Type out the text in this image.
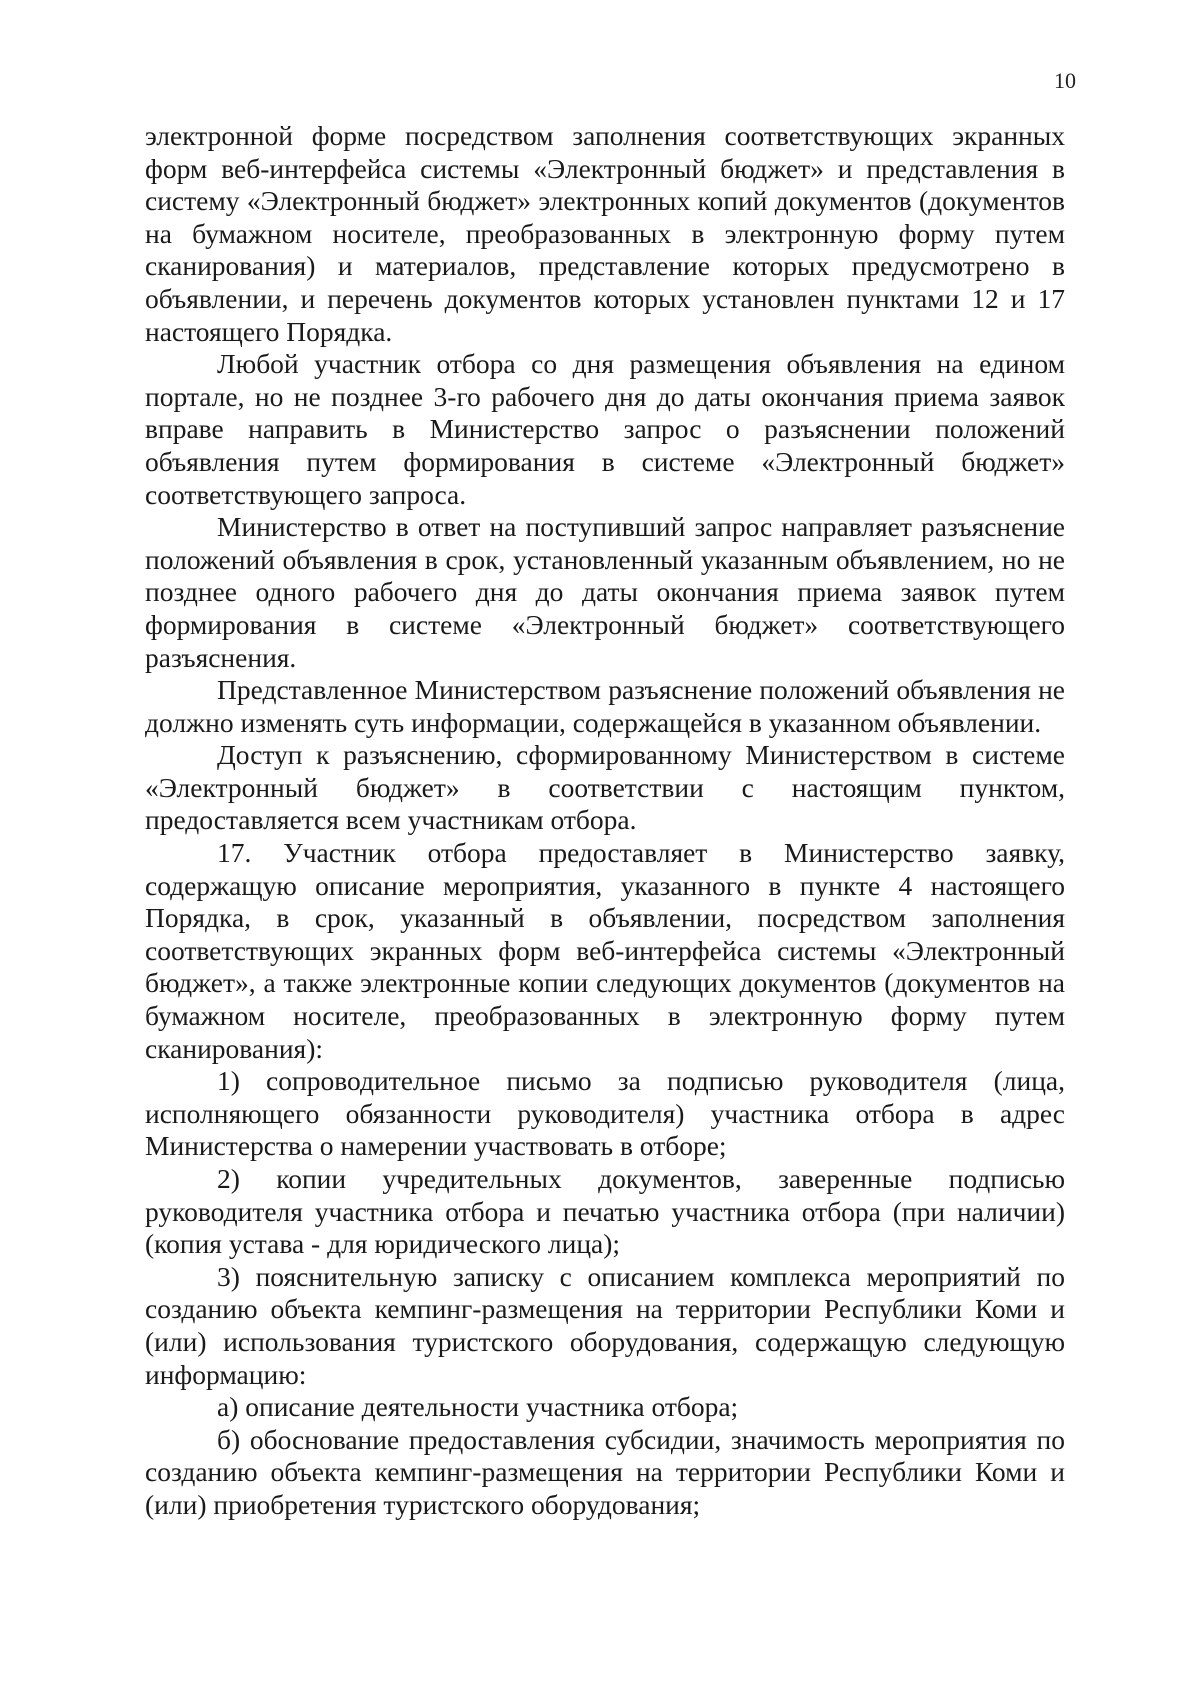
10

электронной форме посредством заполнения соответствующих экранных форм веб-интерфейса системы «Электронный бюджет» и представления в систему «Электронный бюджет» электронных копий документов (документов на бумажном носителе, преобразованных в электронную форму путем сканирования) и материалов, представление которых предусмотрено в объявлении, и перечень документов которых установлен пунктами 12 и 17 настоящего Порядка.

Любой участник отбора со дня размещения объявления на едином портале, но не позднее 3-го рабочего дня до даты окончания приема заявок вправе направить в Министерство запрос о разъяснении положений объявления путем формирования в системе «Электронный бюджет» соответствующего запроса.

Министерство в ответ на поступивший запрос направляет разъяснение положений объявления в срок, установленный указанным объявлением, но не позднее одного рабочего дня до даты окончания приема заявок путем формирования в системе «Электронный бюджет» соответствующего разъяснения.

Представленное Министерством разъяснение положений объявления не должно изменять суть информации, содержащейся в указанном объявлении.

Доступ к разъяснению, сформированному Министерством в системе «Электронный бюджет» в соответствии с настоящим пунктом, предоставляется всем участникам отбора.

17. Участник отбора предоставляет в Министерство заявку, содержащую описание мероприятия, указанного в пункте 4 настоящего Порядка, в срок, указанный в объявлении, посредством заполнения соответствующих экранных форм веб-интерфейса системы «Электронный бюджет», а также электронные копии следующих документов (документов на бумажном носителе, преобразованных в электронную форму путем сканирования):

1) сопроводительное письмо за подписью руководителя (лица, исполняющего обязанности руководителя) участника отбора в адрес Министерства о намерении участвовать в отборе;

2) копии учредительных документов, заверенные подписью руководителя участника отбора и печатью участника отбора (при наличии) (копия устава - для юридического лица);

3) пояснительную записку с описанием комплекса мероприятий по созданию объекта кемпинг-размещения на территории Республики Коми и (или) использования туристского оборудования, содержащую следующую информацию:

а) описание деятельности участника отбора;

б) обоснование предоставления субсидии, значимость мероприятия по созданию объекта кемпинг-размещения на территории Республики Коми и (или) приобретения туристского оборудования;
